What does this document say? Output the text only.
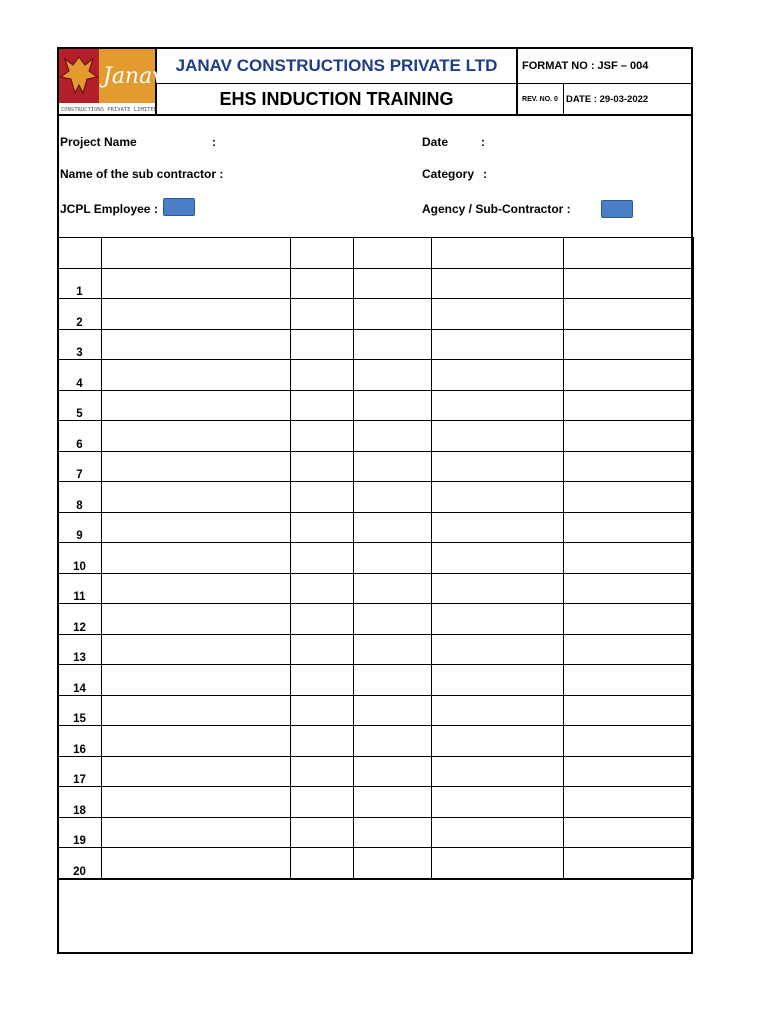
Janav
CONSTRUCTIONS PRIVATE LIMITED
JANAV CONSTRUCTIONS PRIVATE LTD
EHS INDUCTION TRAINING
FORMAT NO : JSF – 004
REV. NO. 0 DATE : 29-03-2022
Project Name	:	Date	:
Name of the sub contractor :	Category :
JCPL Employee :	Agency / Sub-Contractor :

1					
2					
3					
4					
5					
6					
7					
8					
9					
10					
11					
12					
13					
14					
15					
16					
17					
18					
19					
20					
